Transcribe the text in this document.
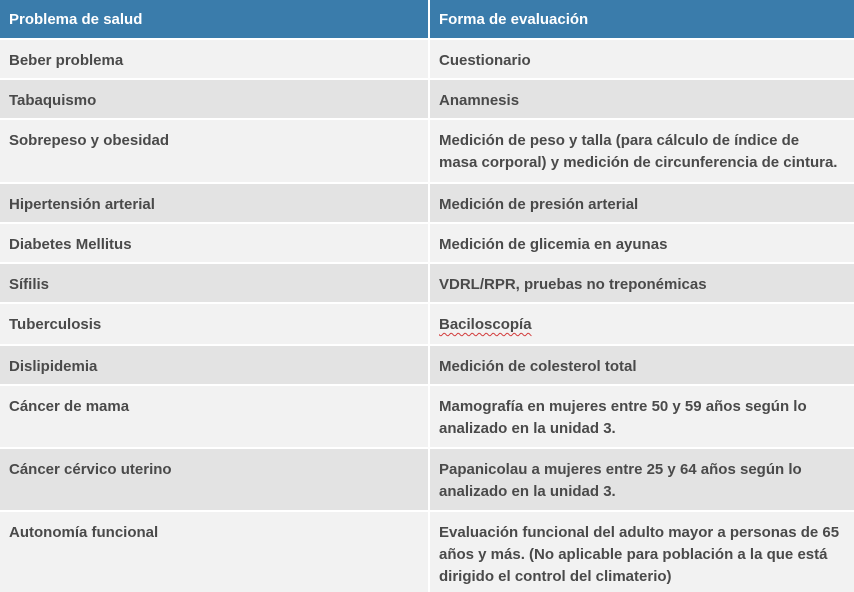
Problema de salud	Forma de evaluación
Beber problema	Cuestionario
Tabaquismo	Anamnesis
Sobrepeso y obesidad	Medición de peso y talla (para cálculo de índice de
masa corporal) y medición de circunferencia de cintura.
Hipertensión arterial	Medición de presión arterial
Diabetes Mellitus	Medición de glicemia en ayunas
Sífilis	VDRL/RPR, pruebas no treponémicas
Tuberculosis	Baciloscopía
Dislipidemia	Medición de colesterol total
Cáncer de mama	Mamografía en mujeres entre 50 y 59 años según lo
analizado en la unidad 3.
Cáncer cérvico uterino	Papanicolau a mujeres entre 25 y 64 años según lo
analizado en la unidad 3.
Autonomía funcional	Evaluación funcional del adulto mayor a personas de 65
años y más. (No aplicable para población a la que está
dirigido el control del climaterio)
